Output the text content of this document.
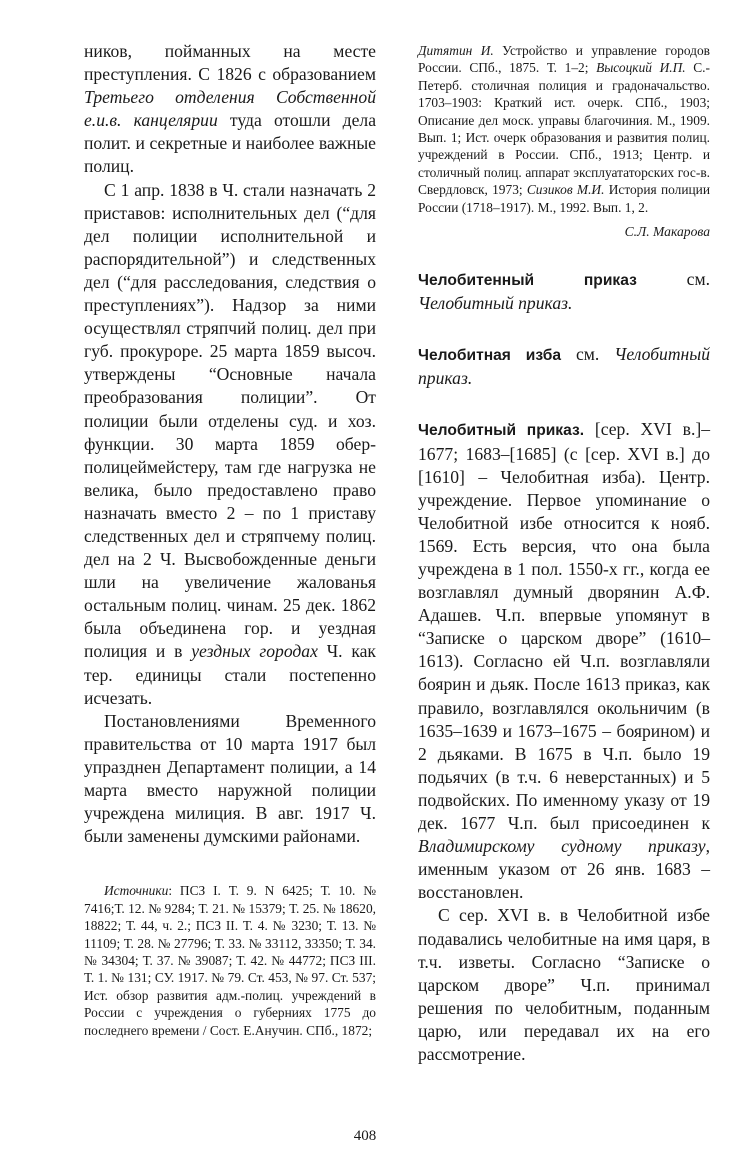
ников, пойманных на месте преступления. С 1826 с образованием Третьего отделения Собственной е.и.в. канцелярии туда отошли дела полит. и секретные и наиболее важные полиц.

С 1 апр. 1838 в Ч. стали назначать 2 приставов: исполнительных дел (“для дел полиции исполнительной и распорядительной”) и следственных дел (“для расследования, следствия о преступлениях”). Надзор за ними осуществлял стряпчий полиц. дел при губ. прокуроре. 25 марта 1859 высоч. утверждены “Основные начала преобразования полиции”. От полиции были отделены суд. и хоз. функции. 30 марта 1859 обер-полицеймейстеру, там где нагрузка не велика, было предоставлено право назначать вместо 2 – по 1 приставу следственных дел и стряпчему полиц. дел на 2 Ч. Высвобожденные деньги шли на увеличение жалованья остальным полиц. чинам. 25 дек. 1862 была объединена гор. и уездная полиция и в уездных городах Ч. как тер. единицы стали постепенно исчезать.

Постановлениями Временного правительства от 10 марта 1917 был упразднен Департамент полиции, а 14 марта вместо наружной полиции учреждена милиция. В авг. 1917 Ч. были заменены думскими районами.

Источники: ПСЗ I. Т. 9. N 6425; Т. 10. № 7416;Т. 12. № 9284; Т. 21. № 15379; Т. 25. № 18620, 18822; Т. 44, ч. 2.; ПСЗ II. Т. 4. № 3230; Т. 13. № 11109; Т. 28. № 27796; Т. 33. № 33112, 33350; Т. 34. № 34304; Т. 37. № 39087; Т. 42. № 44772; ПСЗ III. Т. 1. № 131; СУ. 1917. № 79. Ст. 453, № 97. Ст. 537; Ист. обзор развития адм.-полиц. учреждений в России с учреждения о губерниях 1775 до последнего времени / Сост. Е.Анучин. СПб., 1872;

Дитятин И. Устройство и управление городов России. СПб., 1875. Т. 1–2; Высоцкий И.П. С.-Петерб. столичная полиция и градоначальство. 1703–1903: Краткий ист. очерк. СПб., 1903; Описание дел моск. управы благочиния. М., 1909. Вып. 1; Ист. очерк образования и развития полиц. учреждений в России. СПб., 1913; Центр. и столичный полиц. аппарат эксплуататорских гос-в. Свердловск, 1973; Сизиков М.И. История полиции России (1718–1917). М., 1992. Вып. 1, 2.

С.Л. Макарова

Челобитенный приказ см. Челобитный приказ.

Челобитная изба см. Челобитный приказ.

Челобитный приказ. [сер. XVI в.]–1677; 1683–[1685] (с [сер. XVI в.] до [1610] – Челобитная изба). Центр. учреждение. Первое упоминание о Челобитной избе относится к нояб. 1569. Есть версия, что она была учреждена в 1 пол. 1550-х гг., когда ее возглавлял думный дворянин А.Ф. Адашев. Ч.п. впервые упомянут в “Записке о царском дворе” (1610–1613). Согласно ей Ч.п. возглавляли боярин и дьяк. После 1613 приказ, как правило, возглавлялся окольничим (в 1635–1639 и 1673–1675 – боярином) и 2 дьяками. В 1675 в Ч.п. было 19 подьячих (в т.ч. 6 неверстанных) и 5 подвойских. По именному указу от 19 дек. 1677 Ч.п. был присоединен к Владимирскому судному приказу, именным указом от 26 янв. 1683 – восстановлен.

С сер. XVI в. в Челобитной избе подавались челобитные на имя царя, в т.ч. изветы. Согласно “Записке о царском дворе” Ч.п. принимал решения по челобитным, поданным царю, или передавал их на его рассмотрение.

408
